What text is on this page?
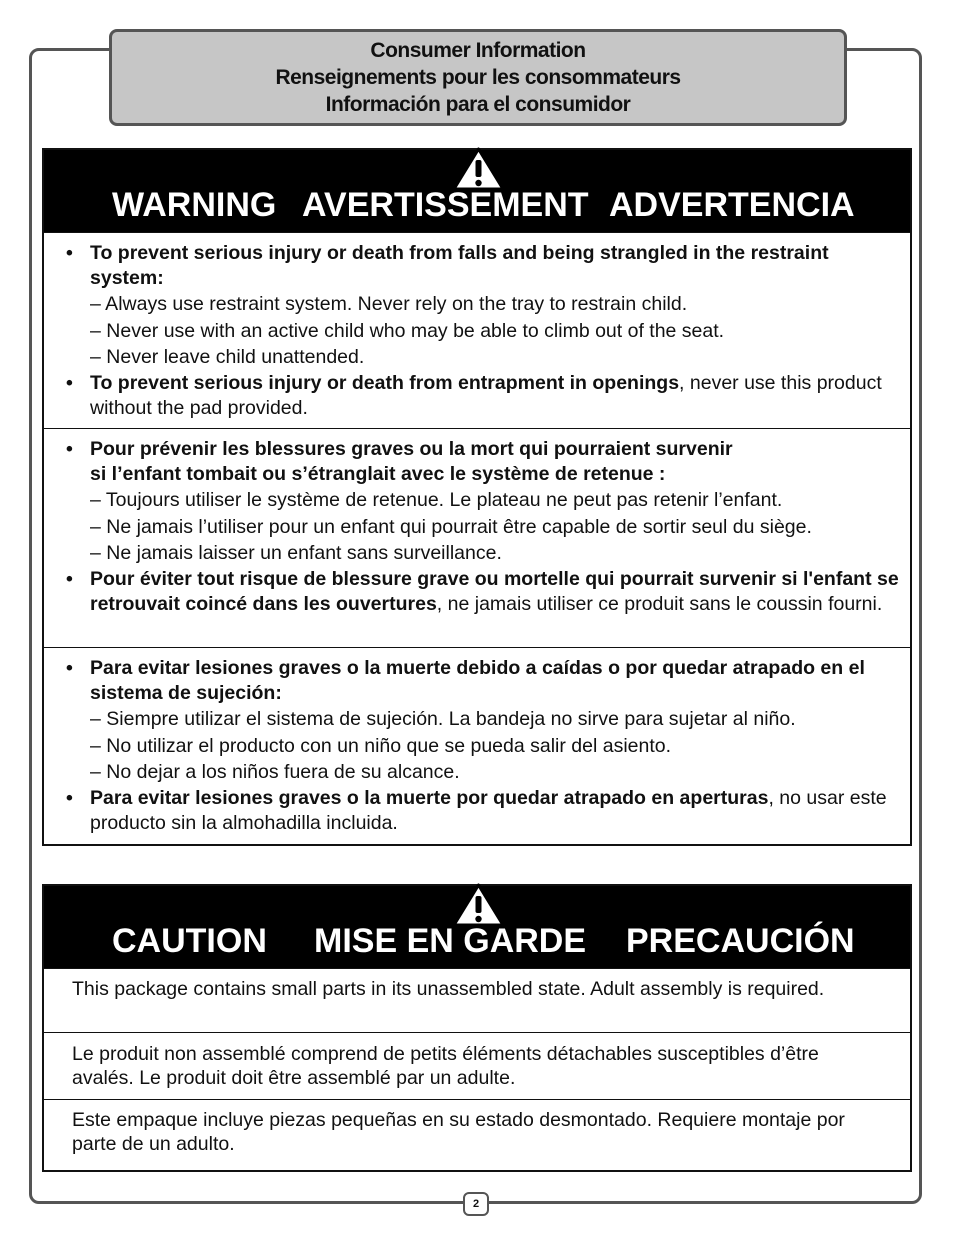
Consumer Information
Renseignements pour les consommateurs
Información para el consumidor
WARNING AVERTISSEMENT ADVERTENCIA
• To prevent serious injury or death from falls and being strangled in the restraint system:
– Always use restraint system. Never rely on the tray to restrain child.
– Never use with an active child who may be able to climb out of the seat.
– Never leave child unattended.
• To prevent serious injury or death from entrapment in openings, never use this product without the pad provided.
• Pour prévenir les blessures graves ou la mort qui pourraient survenir
si l’enfant tombait ou s’étranglait avec le système de retenue :
– Toujours utiliser le système de retenue. Le plateau ne peut pas retenir l’enfant.
– Ne jamais l’utiliser pour un enfant qui pourrait être capable de sortir seul du siège.
– Ne jamais laisser un enfant sans surveillance.
• Pour éviter tout risque de blessure grave ou mortelle qui pourrait survenir si l'enfant se retrouvait coincé dans les ouvertures, ne jamais utiliser ce produit sans le coussin fourni.
• Para evitar lesiones graves o la muerte debido a caídas o por quedar atrapado en el sistema de sujeción:
– Siempre utilizar el sistema de sujeción. La bandeja no sirve para sujetar al niño.
– No utilizar el producto con un niño que se pueda salir del asiento.
– No dejar a los niños fuera de su alcance.
• Para evitar lesiones graves o la muerte por quedar atrapado en aperturas, no usar este producto sin la almohadilla incluida.
CAUTION MISE EN GARDE PRECAUCIÓN
This package contains small parts in its unassembled state. Adult assembly is required.
Le produit non assemblé comprend de petits éléments détachables susceptibles d’être avalés. Le produit doit être assemblé par un adulte.
Este empaque incluye piezas pequeñas en su estado desmontado. Requiere montaje por parte de un adulto.
2
